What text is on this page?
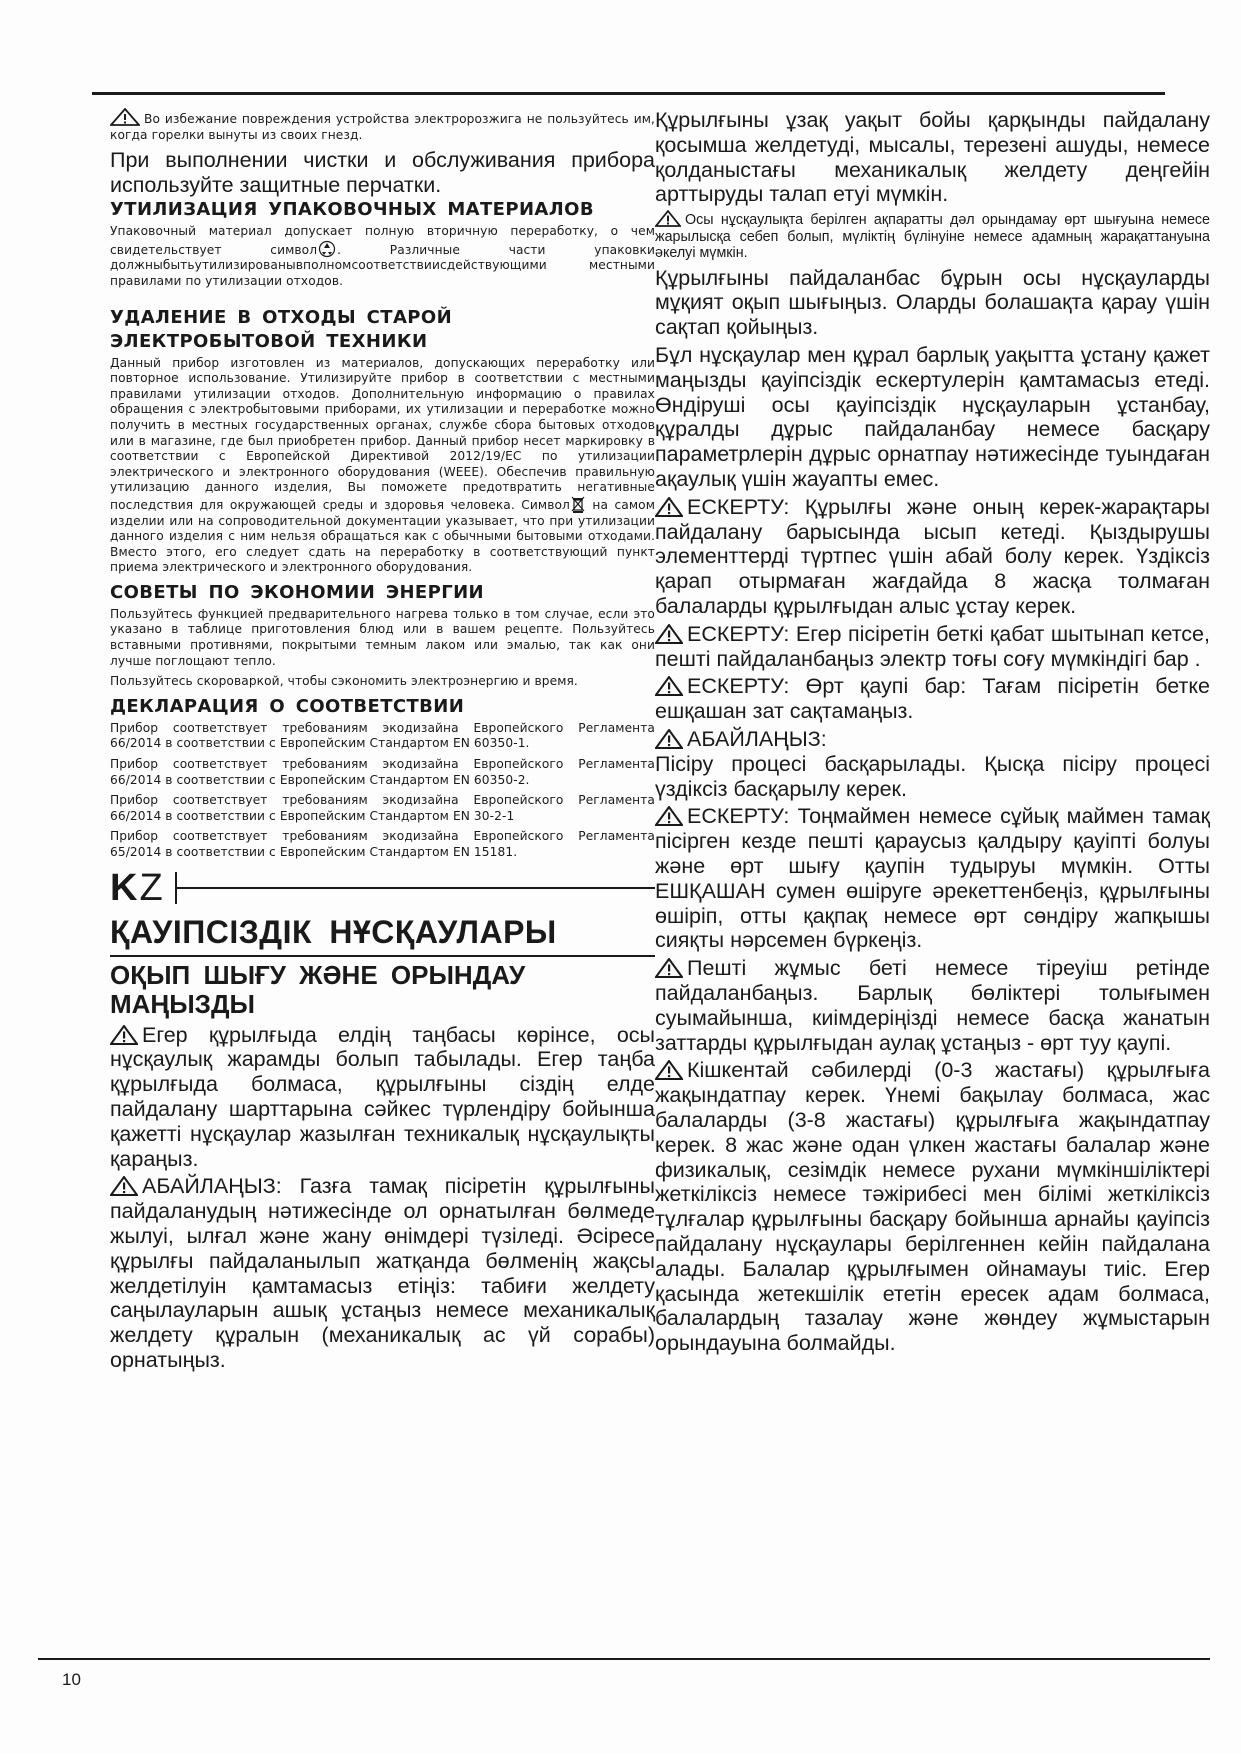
Во избежание повреждения устройства электророзжига не пользуйтесь им, когда горелки вынуты из своих гнезд.

При выполнении чистки и обслуживания прибора используйте защитные перчатки.

УТИЛИЗАЦИЯ УПАКОВОЧНЫХ МАТЕРИАЛОВ

Упаковочный материал допускает полную вторичную переработку, о чем свидетельствует символ . Различные части упаковки должныбытьутилизированывполномсоответствиисдействующими местными правилами по утилизации отходов.

УДАЛЕНИЕ В ОТХОДЫ СТАРОЙ ЭЛЕКТРОБЫТОВОЙ ТЕХНИКИ

Данный прибор изготовлен из материалов, допускающих переработку или повторное использование. Утилизируйте прибор в соответствии с местными правилами утилизации отходов. Дополнительную информацию о правилах обращения с электробытовыми приборами, их утилизации и переработке можно получить в местных государственных органах, службе сбора бытовых отходов или в магазине, где был приобретен прибор. Данный прибор несет маркировку в соответствии с Европейской Директивой 2012/19/EC по утилизации электрического и электронного оборудования (WEEE). Обеспечив правильную утилизацию данного изделия, Вы поможете предотвратить негативные последствия для окружающей среды и здоровья человека. Символ на самом изделии или на сопроводительной документации указывает, что при утилизации данного изделия с ним нельзя обращаться как с обычными бытовыми отходами. Вместо этого, его следует сдать на переработку в соответствующий пункт приема электрического и электронного оборудования.

СОВЕТЫ ПО ЭКОНОМИИ ЭНЕРГИИ

Пользуйтесь функцией предварительного нагрева только в том случае, если это указано в таблице приготовления блюд или в вашем рецепте. Пользуйтесь вставными противнями, покрытыми темным лаком или эмалью, так как они лучше поглощают тепло.

Пользуйтесь скороваркой, чтобы сэкономить электроэнергию и время.

ДЕКЛАРАЦИЯ О СООТВЕТСТВИИ

Прибор соответствует требованиям экодизайна Европейского Регламента 66/2014 в соответствии с Европейским Стандартом EN 60350-1.

Прибор соответствует требованиям экодизайна Европейского Регламента 66/2014 в соответствии с Европейским Стандартом EN 60350-2.

Прибор соответствует требованиям экодизайна Европейского Регламента 66/2014 в соответствии с Европейским Стандартом EN 30-2-1

Прибор соответствует требованиям экодизайна Европейского Регламента 65/2014 в соответствии с Европейским Стандартом EN 15181.

KZ
ҚАУІПСІЗДІК НҰСҚАУЛАРЫ
ОҚЫП ШЫҒУ ЖӘНЕ ОРЫНДАУ МАҢЫЗДЫ

Егер құрылғыда елдің таңбасы көрінсе, осы нұсқаулық жарамды болып табылады. Егер таңба құрылғыда болмаса, құрылғыны сіздің елде пайдалану шарттарына сәйкес түрлендіру бойынша қажетті нұсқаулар жазылған техникалық нұсқаулықты қараңыз.

АБАЙЛАҢЫЗ: Газға тамақ пісіретін құрылғыны пайдаланудың нәтижесінде ол орнатылған бөлмеде жылуі, ылғал және жану өнімдері түзіледі. Әсіресе құрылғы пайдаланылып жатқанда бөлменің жақсы желдетілуін қамтамасыз етіңіз: табиғи желдету саңылауларын ашық ұстаңыз немесе механикалық желдету құралын (механикалық ас үй сорабы) орнатыңыз.

Құрылғыны ұзақ уақыт бойы қарқынды пайдалану қосымша желдетуді, мысалы, терезені ашуды, немесе қолданыстағы механикалық желдету деңгейін арттыруды талап етуі мүмкін.

Осы нұсқаулықта берілген ақпаратты дәл орындамау өрт шығуына немесе жарылысқа себеп болып, мүліктің бүлінуіне немесе адамның жарақаттануына әкелуі мүмкін.

Құрылғыны пайдаланбас бұрын осы нұсқауларды мұқият оқып шығыңыз. Оларды болашақта қарау үшін сақтап қойыңыз.

Бұл нұсқаулар мен құрал барлық уақытта ұстану қажет маңызды қауіпсіздік ескертулерін қамтамасыз етеді. Өндіруші осы қауіпсіздік нұсқауларын ұстанбау, құралды дұрыс пайдаланбау немесе басқару параметрлерін дұрыс орнатпау нәтижесінде туындаған ақаулық үшін жауапты емес.

ЕСКЕРТУ: Құрылғы және оның керек-жарақтары пайдалану барысында ысып кетеді. Қыздырушы элементтерді түртпес үшін абай болу керек. Үздіксіз қарап отырмаған жағдайда 8 жасқа толмаған балаларды құрылғыдан алыс ұстау керек.

ЕСКЕРТУ: Егер пісіретін беткі қабат шытынап кетсе, пешті пайдаланбаңыз электр тоғы соғу мүмкіндігі бар .

ЕСКЕРТУ: Өрт қаупі бар: Тағам пісіретін бетке ешқашан зат сақтамаңыз.

АБАЙЛАҢЫЗ:
Пісіру процесі басқарылады. Қысқа пісіру процесі үздіксіз басқарылу керек.

ЕСКЕРТУ: Тоңмаймен немесе сұйық маймен тамақ пісірген кезде пешті қараусыз қалдыру қауіпті болуы және өрт шығу қаупін тудыруы мүмкін. Отты ЕШҚАШАН сумен өшіруге әрекеттенбеңіз, құрылғыны өшіріп, отты қақпақ немесе өрт сөндіру жапқышы сияқты нәрсемен бүркеңіз.

Пешті жұмыс беті немесе тіреуіш ретінде пайдаланбаңыз. Барлық бөліктері толығымен суымайынша, киімдеріңізді немесе басқа жанатын заттарды құрылғыдан аулақ ұстаңыз - өрт туу қаупі.

Кішкентай сәбилерді (0-3 жастағы) құрылғыға жақындатпау керек. Үнемі бақылау болмаса, жас балаларды (3-8 жастағы) құрылғыға жақындатпау керек. 8 жас және одан үлкен жастағы балалар және физикалық, сезімдік немесе рухани мүмкіншіліктері жеткіліксіз немесе тәжірибесі мен білімі жеткіліксіз тұлғалар құрылғыны басқару бойынша арнайы қауіпсіз пайдалану нұсқаулары берілгеннен кейін пайдалана алады. Балалар құрылғымен ойнамауы тиіс. Егер қасында жетекшілік ететін ересек адам болмаса, балалардың тазалау және жөндеу жұмыстарын орындауына болмайды.

10
